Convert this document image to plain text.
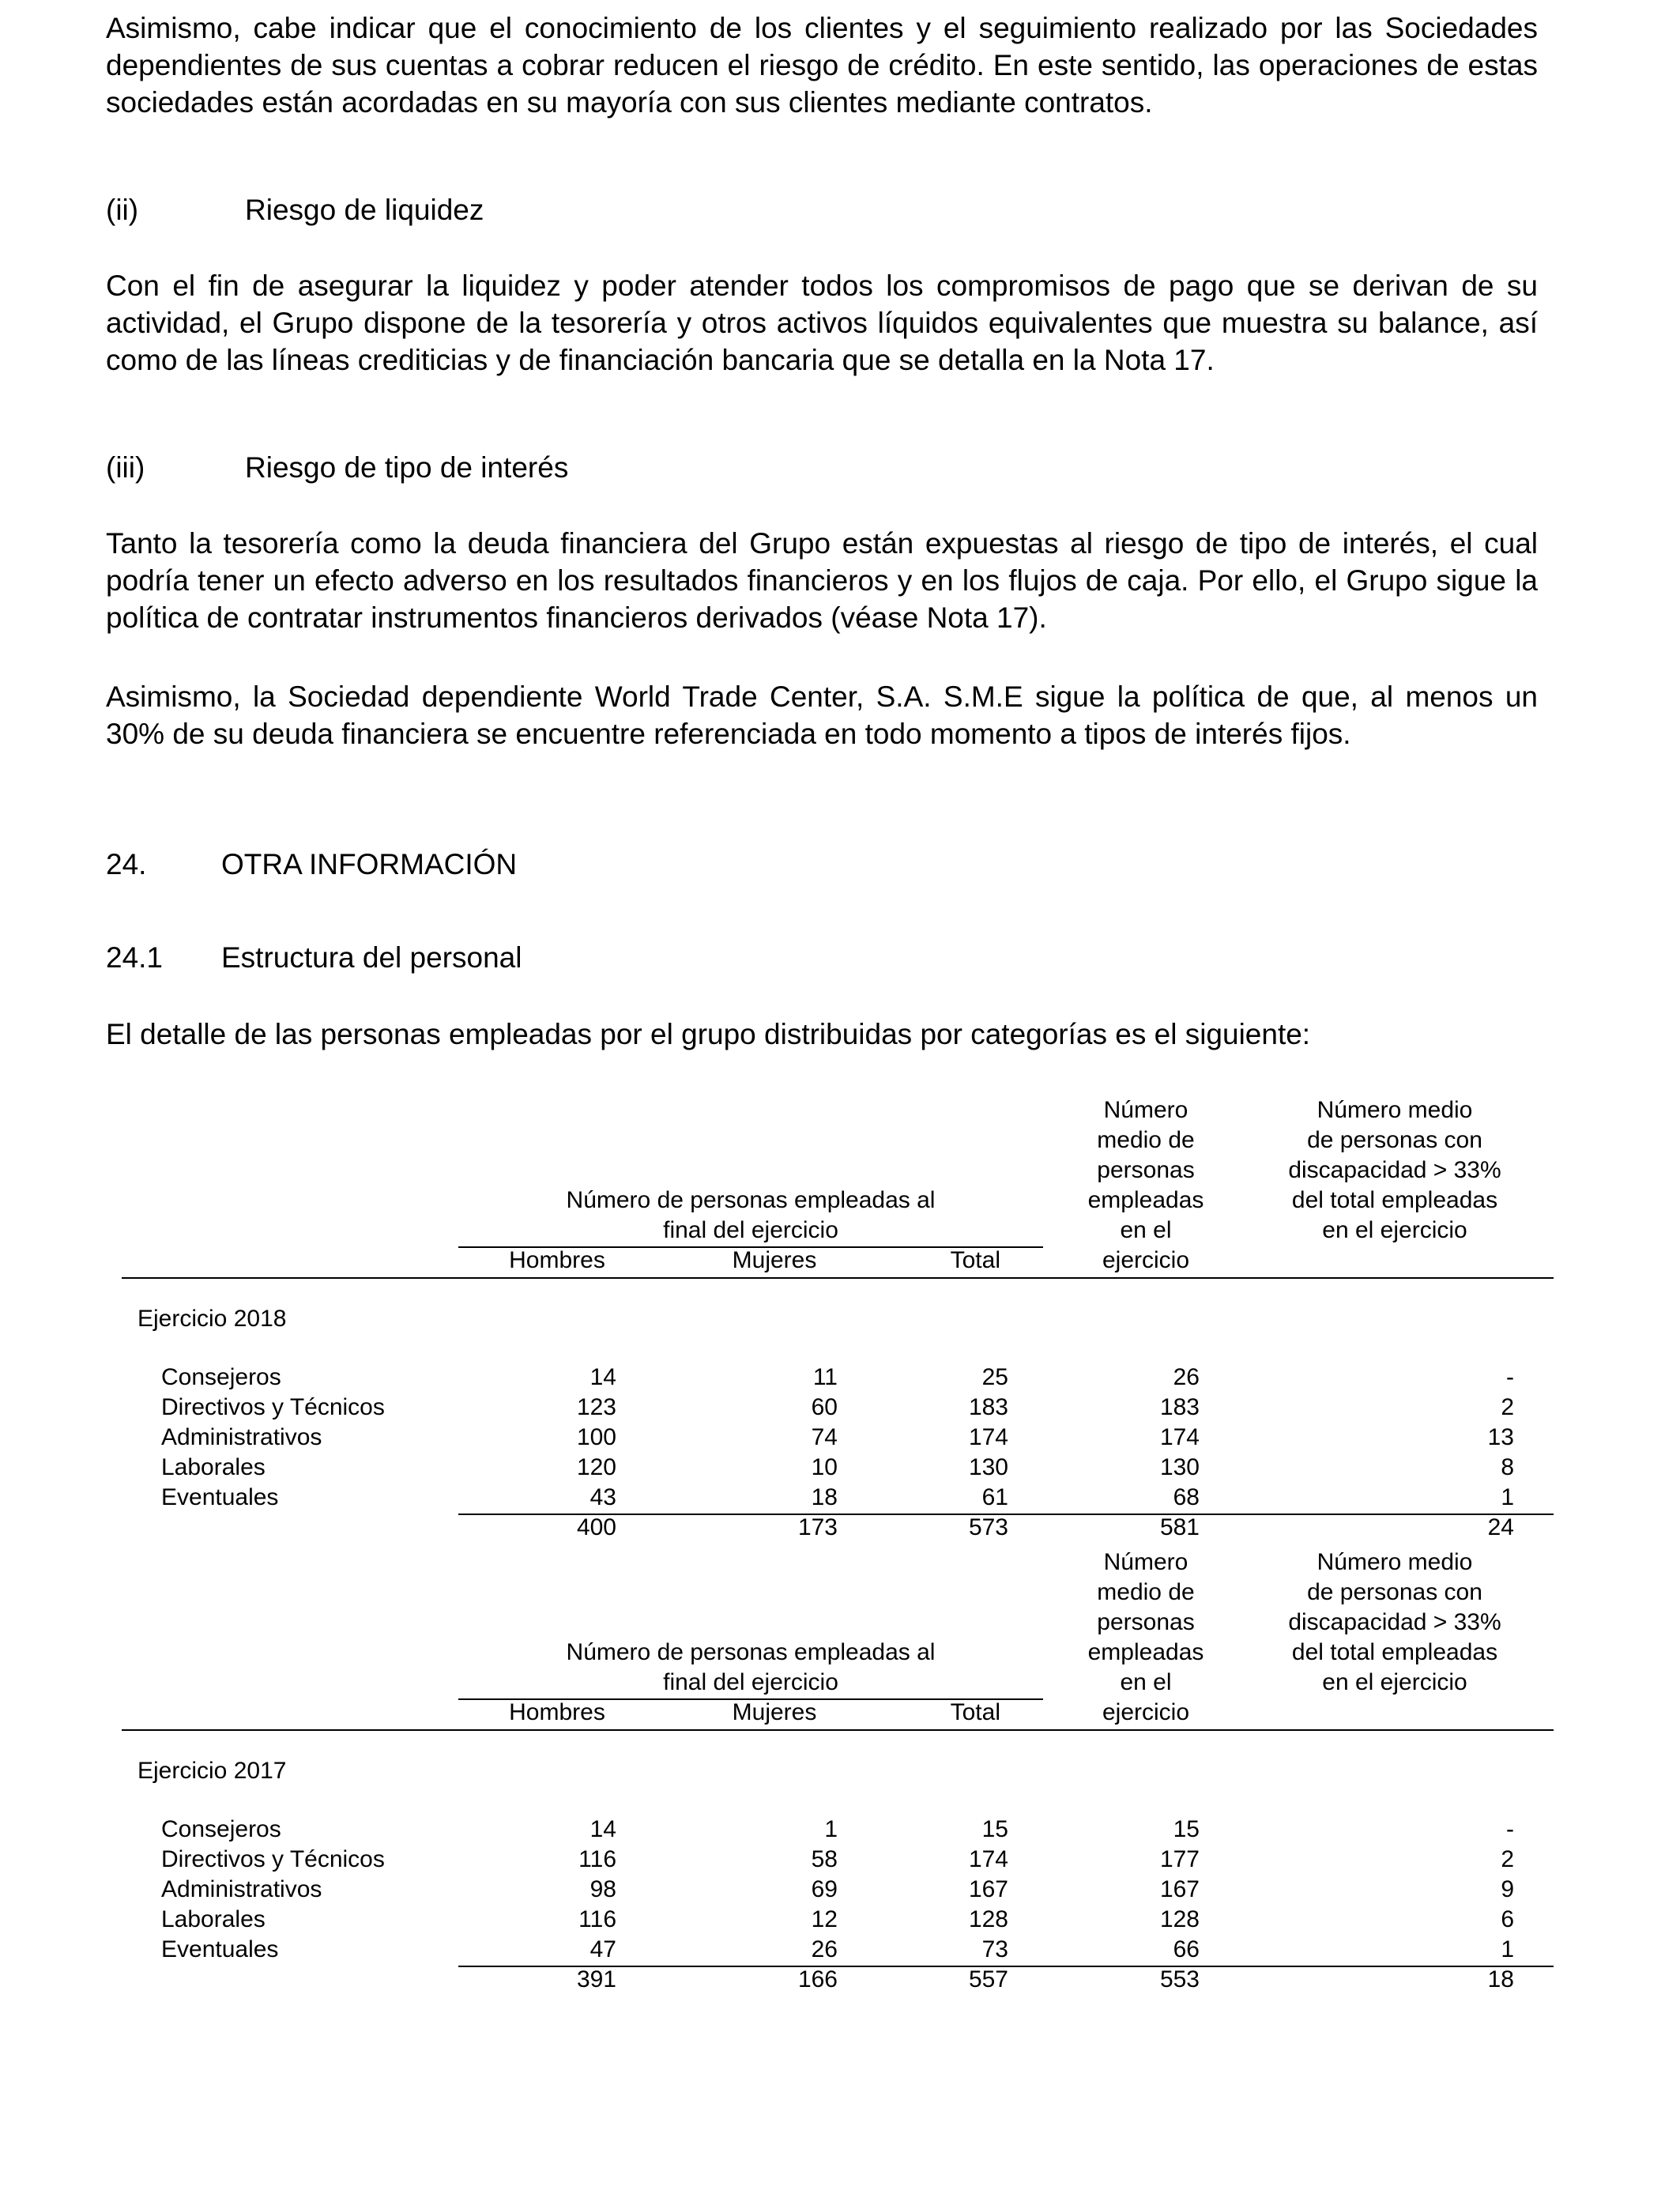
Asimismo, cabe indicar que el conocimiento de los clientes y el seguimiento realizado por las Sociedades dependientes de sus cuentas a cobrar reducen el riesgo de crédito. En este sentido, las operaciones de estas sociedades están acordadas en su mayoría con sus clientes mediante contratos.

(ii)	Riesgo de liquidez

Con el fin de asegurar la liquidez y poder atender todos los compromisos de pago que se derivan de su actividad, el Grupo dispone de la tesorería y otros activos líquidos equivalentes que muestra su balance, así como de las líneas crediticias y de financiación bancaria que se detalla en la Nota 17.

(iii)	Riesgo de tipo de interés

Tanto la tesorería como la deuda financiera del Grupo están expuestas al riesgo de tipo de interés, el cual podría tener un efecto adverso en los resultados financieros y en los flujos de caja. Por ello, el Grupo sigue la política de contratar instrumentos financieros derivados (véase Nota 17).

Asimismo, la Sociedad dependiente World Trade Center, S.A. S.M.E sigue la política de que, al menos un 30% de su deuda financiera se encuentre referenciada en todo momento a tipos de interés fijos.

24.	OTRA INFORMACIÓN
24.1 Estructura del personal
El detalle de las personas empleadas por el grupo distribuidas por categorías es el siguiente:
Número
medio de
personas
empleadas
en el
ejercicio
Número medio
de personas con
discapacidad > 33%
del total empleadas
en el ejercicio
Número de personas empleadas al
final del ejercicio
Hombres	Mujeres	Total
Ejercicio 2018
Consejeros	14	11	25	26	-
Directivos y Técnicos	123	60	183	183	2
Administrativos	100	74	174	174	13
Laborales	120	10	130	130	8
Eventuales	43	18	61	68	1
400	173	573	581	24
Número
medio de
personas
empleadas
en el
ejercicio
Número medio
de personas con
discapacidad > 33%
del total empleadas
en el ejercicio
Número de personas empleadas al
final del ejercicio
Hombres	Mujeres	Total
Ejercicio 2017
Consejeros	14	1	15	15	-
Directivos y Técnicos	116	58	174	177	2
Administrativos	98	69	167	167	9
Laborales	116	12	128	128	6
Eventuales	47	26	73	66	1
391	166	557	553	18
